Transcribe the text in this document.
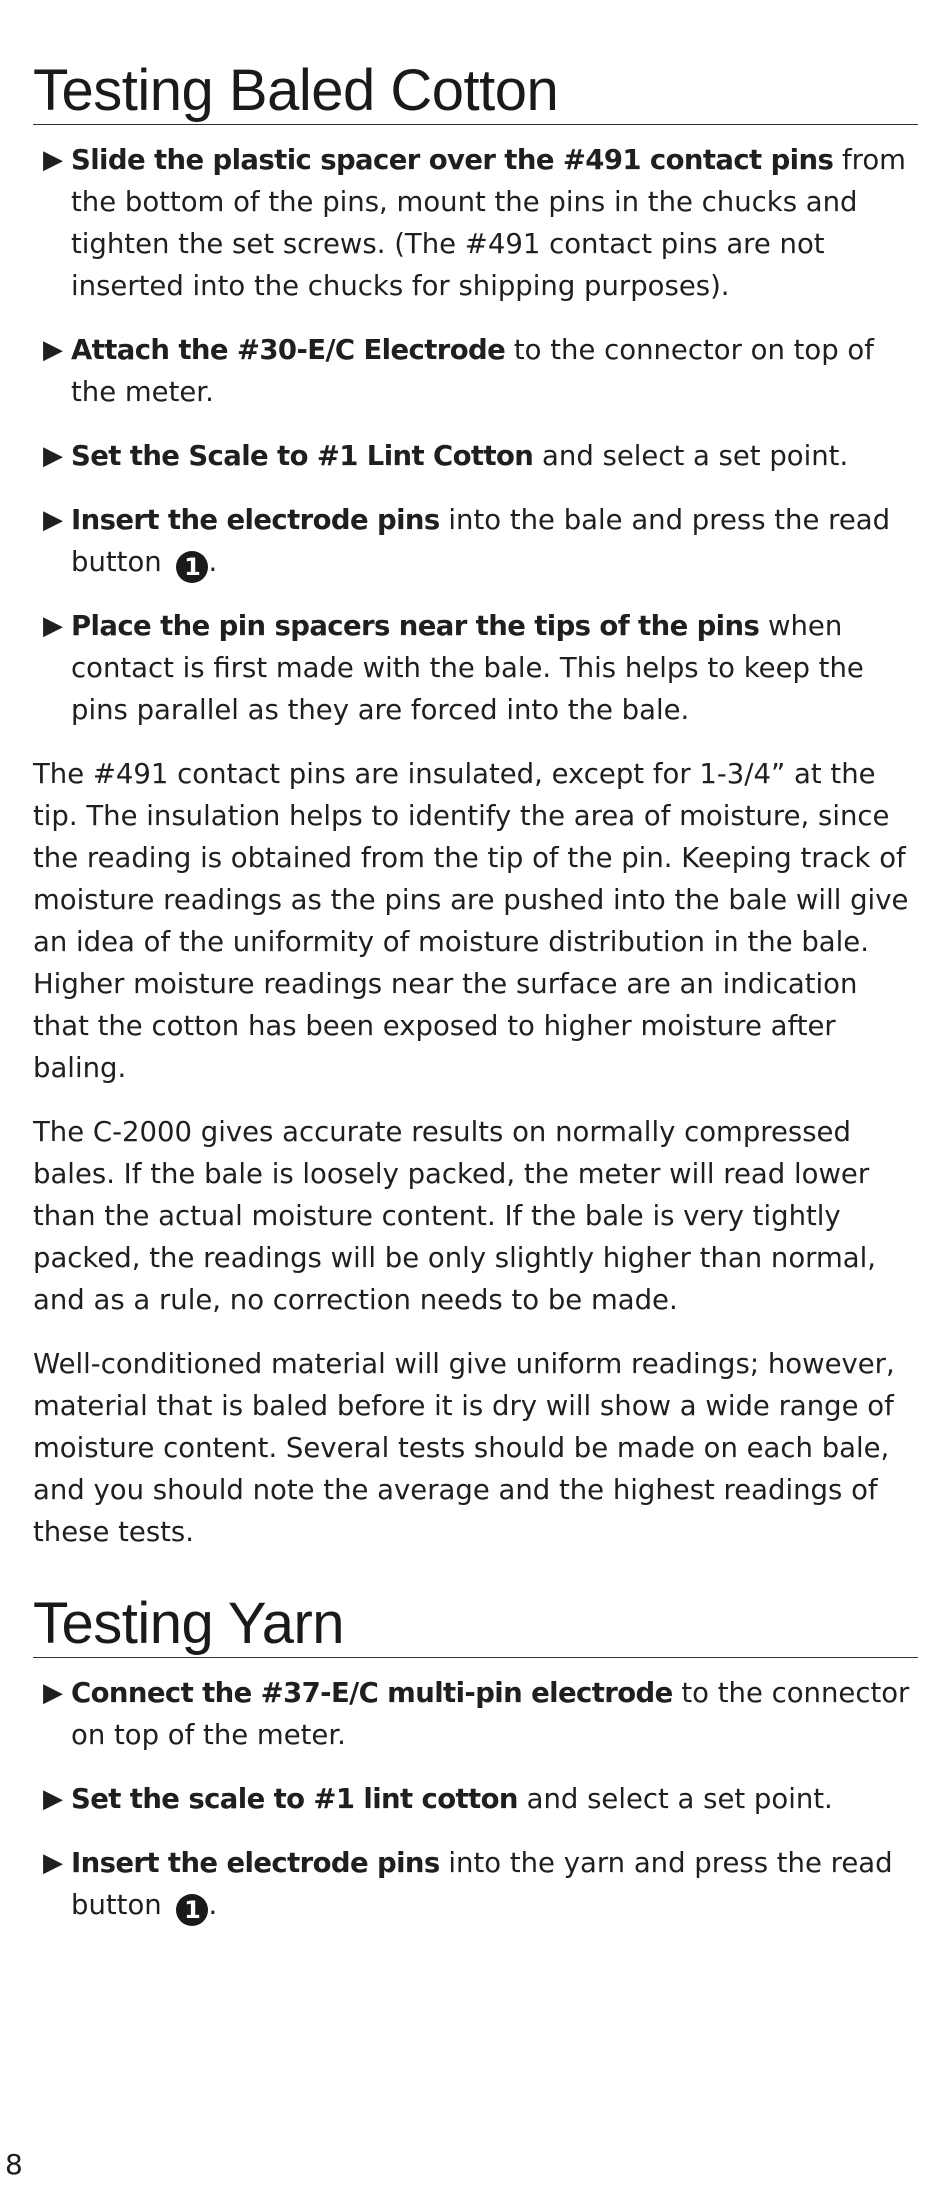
Testing Baled Cotton
▶ Slide the plastic spacer over the #491 contact pins from the bottom of the pins, mount the pins in the chucks and tighten the set screws. (The #491 contact pins are not inserted into the chucks for shipping purposes).
▶ Attach the #30-E/C Electrode to the connector on top of the meter.
▶ Set the Scale to #1 Lint Cotton and select a set point.
▶ Insert the electrode pins into the bale and press the read button 1 .
▶ Place the pin spacers near the tips of the pins when contact is first made with the bale. This helps to keep the pins parallel as they are forced into the bale.

The #491 contact pins are insulated, except for 1-3/4” at the tip. The insulation helps to identify the area of moisture, since the reading is obtained from the tip of the pin. Keeping track of moisture readings as the pins are pushed into the bale will give an idea of the uniformity of moisture distribution in the bale. Higher moisture readings near the surface are an indication that the cotton has been exposed to higher moisture after baling.

The C-2000 gives accurate results on normally compressed bales. If the bale is loosely packed, the meter will read lower than the actual moisture content. If the bale is very tightly packed, the readings will be only slightly higher than normal, and as a rule, no correction needs to be made.

Well-conditioned material will give uniform readings; however, material that is baled before it is dry will show a wide range of moisture content. Several tests should be made on each bale, and you should note the average and the highest readings of these tests.

Testing Yarn
▶ Connect the #37-E/C multi-pin electrode to the connector on top of the meter.
▶ Set the scale to #1 lint cotton and select a set point.
▶ Insert the electrode pins into the yarn and press the read button 1 .
8
